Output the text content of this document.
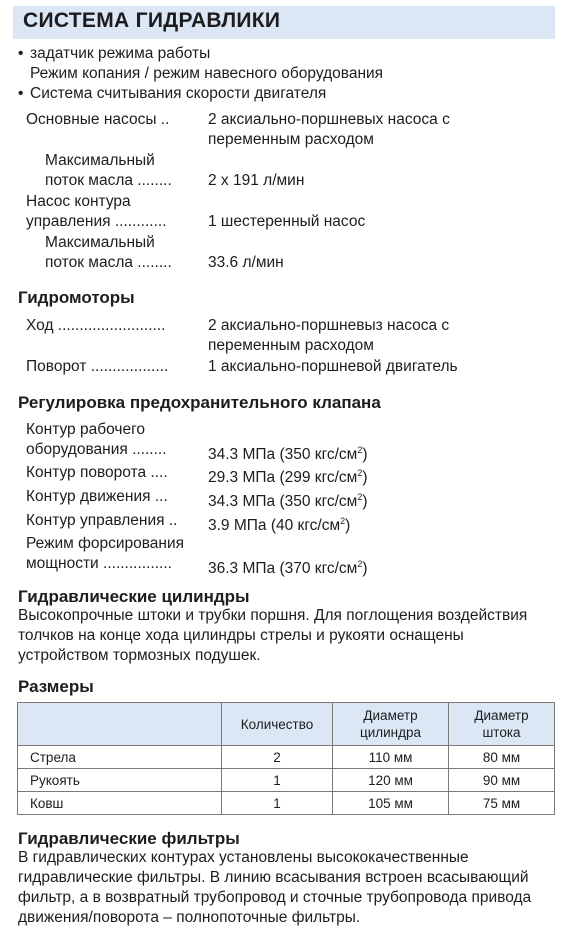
СИСТЕМА ГИДРАВЛИКИ
• задатчик режима работы
Режим копания / режим навесного оборудования
• Система считывания скорости двигателя
Основные насосы .. 2 аксиально-поршневых насоса с
переменным расходом
Максимальный
поток масла ........ 2 x 191 л/мин
Насос контура
управления ............	1 шестеренный насос
Максимальный
поток масла ........ 33.6 л/мин
Гидромоторы
Ход .........................	2 аксиально-поршневыз насоса с
переменным расходом
Поворот ..................	1 аксиально-поршневой двигатель
Регулировка предохранительного клапана
Контур рабочего
оборудования ........	34.3 МПа (350 кгс/$см^2$)
Контур поворота ....	29.3 МПа (299 кгс/$см^2$)
Контур движения ...	34.3 МПа (350 кгс/$см^2$)
Контур управления .. 3.9 МПа (40 кгс/$см^2$)
Режим форсирования
мощности ................ 36.3 МПа (370 кгс/$см^2$)
Гидравлические цилиндры
Высокопрочные штоки и трубки поршня. Для поглощения воздействия толчков на конце хода цилиндры стрелы и рукояти оснащены устройством тормозных подушек.
Размеры
	Количество	Диаметр цилиндра	Диаметр штока
Стрела	2	110 мм	80 мм
Рукоять	1	120 мм	90 мм
Ковш	1	105 мм	75 мм
Гидравлические фильтры
В гидравлических контурах установлены высококачественные гидравлические фильтры. В линию всасывания встроен всасывающий фильтр, а в возвратный трубопровод и сточные трубопровода привода движения/поворота – полнопоточные фильтры.
